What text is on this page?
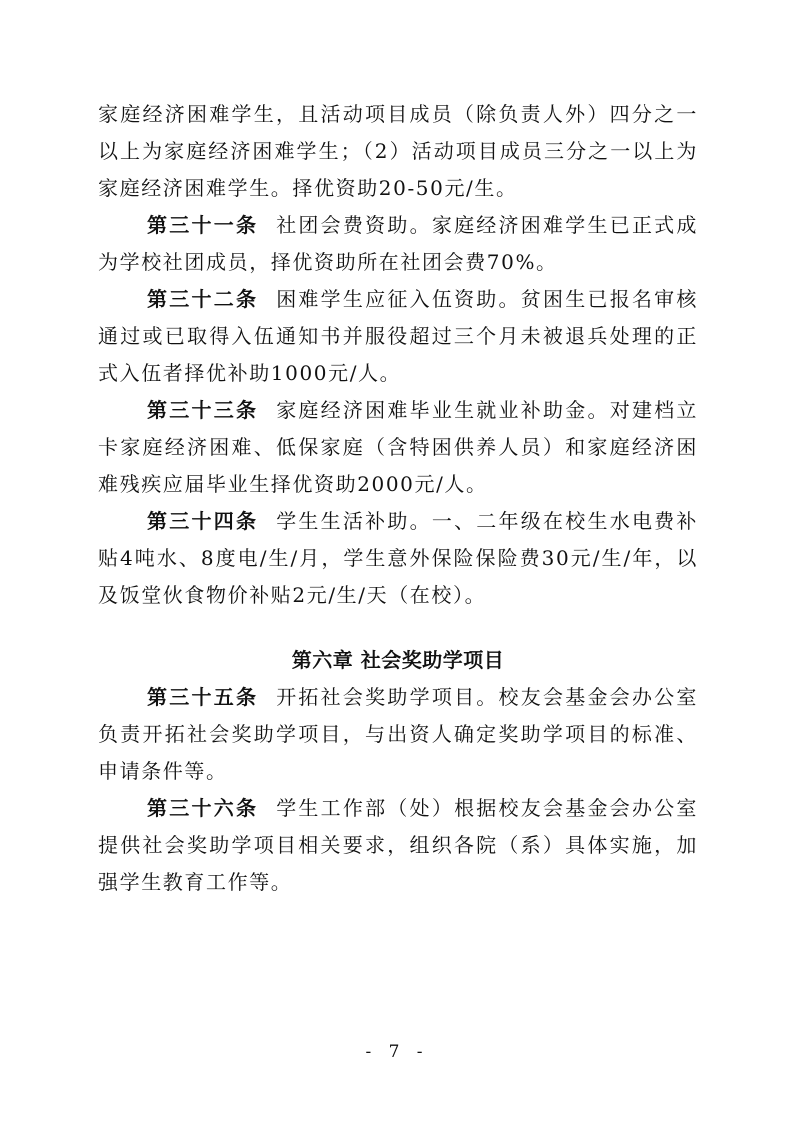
家庭经济困难学生，且活动项目成员（除负责人外）四分之一以上为家庭经济困难学生；（2）活动项目成员三分之一以上为家庭经济困难学生。择优资助20-50元/生。

第三十一条 社团会费资助。家庭经济困难学生已正式成为学校社团成员，择优资助所在社团会费70%。

第三十二条 困难学生应征入伍资助。贫困生已报名审核通过或已取得入伍通知书并服役超过三个月未被退兵处理的正式入伍者择优补助1000元/人。

第三十三条 家庭经济困难毕业生就业补助金。对建档立卡家庭经济困难、低保家庭（含特困供养人员）和家庭经济困难残疾应届毕业生择优资助2000元/人。

第三十四条 学生生活补助。一、二年级在校生水电费补贴4吨水、8度电/生/月，学生意外保险保险费30元/生/年，以及饭堂伙食物价补贴2元/生/天（在校）。

第六章 社会奖助学项目

第三十五条 开拓社会奖助学项目。校友会基金会办公室负责开拓社会奖助学项目，与出资人确定奖助学项目的标准、申请条件等。

第三十六条 学生工作部（处）根据校友会基金会办公室提供社会奖助学项目相关要求，组织各院（系）具体实施，加强学生教育工作等。

- 7 -
